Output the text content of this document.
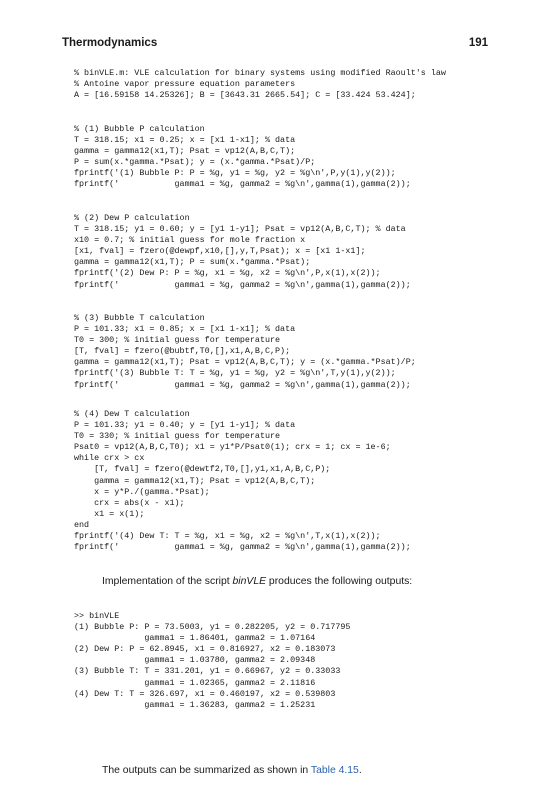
Thermodynamics	191
% binVLE.m: VLE calculation for binary systems using modified Raoult's law
% Antoine vapor pressure equation parameters
A = [16.59158 14.25326]; B = [3643.31 2665.54]; C = [33.424 53.424];
% (1) Bubble P calculation
T = 318.15; x1 = 0.25; x = [x1 1-x1]; % data
gamma = gamma12(x1,T); Psat = vp12(A,B,C,T);
P = sum(x.*gamma.*Psat); y = (x.*gamma.*Psat)/P;
fprintf('(1) Bubble P: P = %g, y1 = %g, y2 = %g\n',P,y(1),y(2));
fprintf('           gamma1 = %g, gamma2 = %g\n',gamma(1),gamma(2));
% (2) Dew P calculation
T = 318.15; y1 = 0.60; y = [y1 1-y1]; Psat = vp12(A,B,C,T); % data
x10 = 0.7; % initial guess for mole fraction x
[x1, fval] = fzero(@dewpf,x10,[],y,T,Psat); x = [x1 1-x1];
gamma = gamma12(x1,T); P = sum(x.*gamma.*Psat);
fprintf('(2) Dew P: P = %g, x1 = %g, x2 = %g\n',P,x(1),x(2));
fprintf('           gamma1 = %g, gamma2 = %g\n',gamma(1),gamma(2));
% (3) Bubble T calculation
P = 101.33; x1 = 0.85; x = [x1 1-x1]; % data
T0 = 300; % initial guess for temperature
[T, fval] = fzero(@bubtf,T0,[],x1,A,B,C,P);
gamma = gamma12(x1,T); Psat = vp12(A,B,C,T); y = (x.*gamma.*Psat)/P;
fprintf('(3) Bubble T: T = %g, y1 = %g, y2 = %g\n',T,y(1),y(2));
fprintf('           gamma1 = %g, gamma2 = %g\n',gamma(1),gamma(2));
% (4) Dew T calculation
P = 101.33; y1 = 0.40; y = [y1 1-y1]; % data
T0 = 330; % initial guess for temperature
Psat0 = vp12(A,B,C,T0); x1 = y1*P/Psat0(1); crx = 1; cx = 1e-6;
while crx > cx
[T, fval] = fzero(@dewtf2,T0,[],y1,x1,A,B,C,P);
gamma = gamma12(x1,T); Psat = vp12(A,B,C,T);
x = y*P./(gamma.*Psat);
crx = abs(x - x1);
x1 = x(1);
end
fprintf('(4) Dew T: T = %g, x1 = %g, x2 = %g\n',T,x(1),x(2));
fprintf('           gamma1 = %g, gamma2 = %g\n',gamma(1),gamma(2));
Implementation of the script binVLE produces the following outputs:
>> binVLE
(1) Bubble P: P = 73.5003, y1 = 0.282205, y2 = 0.717795
gamma1 = 1.86401, gamma2 = 1.07164
(2) Dew P: P = 62.8945, x1 = 0.816927, x2 = 0.183073
gamma1 = 1.03780, gamma2 = 2.09348
(3) Bubble T: T = 331.201, y1 = 0.66967, y2 = 0.33033
gamma1 = 1.02365, gamma2 = 2.11816
(4) Dew T: T = 326.697, x1 = 0.460197, x2 = 0.539803
gamma1 = 1.36283, gamma2 = 1.25231
The outputs can be summarized as shown in Table 4.15.
